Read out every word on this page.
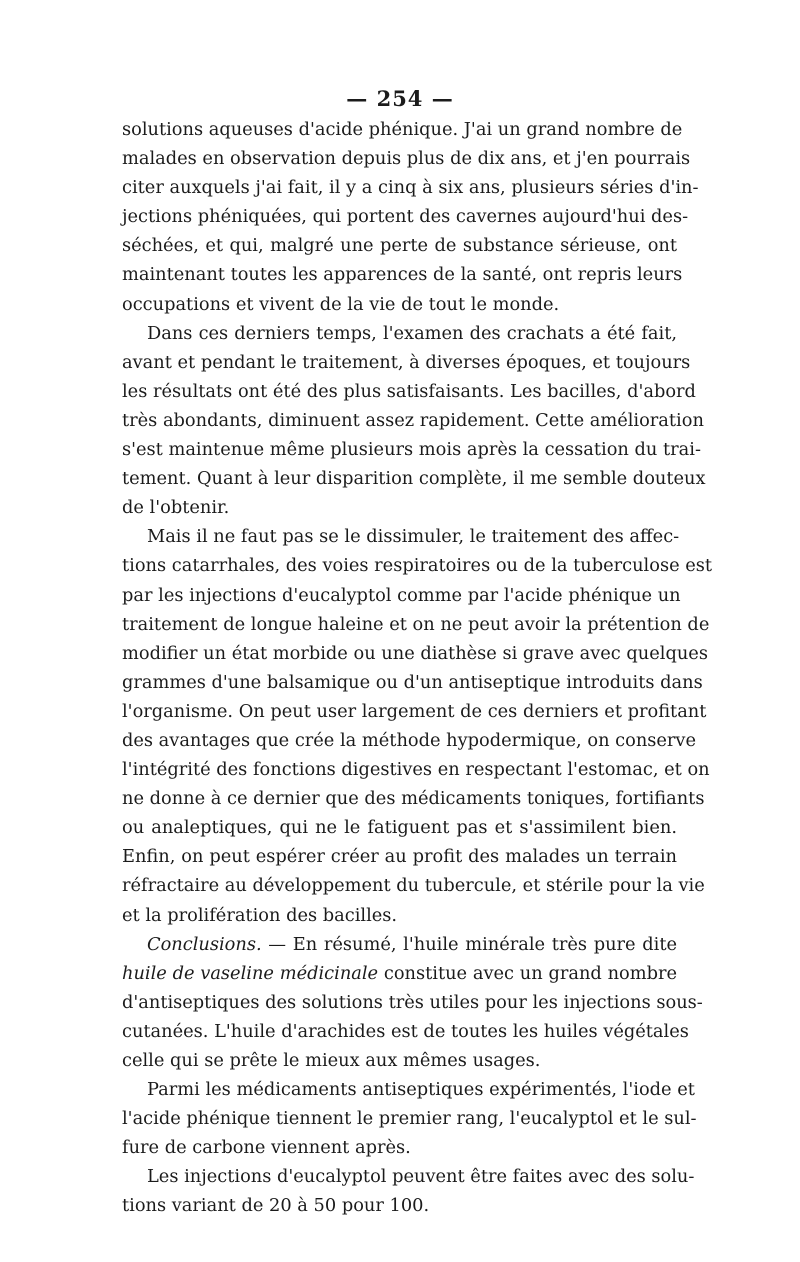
— 254 —
solutions aqueuses d'acide phénique. J'ai un grand nombre de
malades en observation depuis plus de dix ans, et j'en pourrais
citer auxquels j'ai fait, il y a cinq à six ans, plusieurs séries d'in-
jections phéniquées, qui portent des cavernes aujourd'hui des-
séchées, et qui, malgré une perte de substance sérieuse, ont
maintenant toutes les apparences de la santé, ont repris leurs
occupations et vivent de la vie de tout le monde.
Dans ces derniers temps, l'examen des crachats a été fait,
avant et pendant le traitement, à diverses époques, et toujours
les résultats ont été des plus satisfaisants. Les bacilles, d'abord
très abondants, diminuent assez rapidement. Cette amélioration
s'est maintenue même plusieurs mois après la cessation du trai-
tement. Quant à leur disparition complète, il me semble douteux
de l'obtenir.
Mais il ne faut pas se le dissimuler, le traitement des affec-
tions catarrhales, des voies respiratoires ou de la tuberculose est
par les injections d'eucalyptol comme par l'acide phénique un
traitement de longue haleine et on ne peut avoir la prétention de
modifier un état morbide ou une diathèse si grave avec quelques
grammes d'une balsamique ou d'un antiseptique introduits dans
l'organisme. On peut user largement de ces derniers et profitant
des avantages que crée la méthode hypodermique, on conserve
l'intégrité des fonctions digestives en respectant l'estomac, et on
ne donne à ce dernier que des médicaments toniques, fortifiants
ou analeptiques, qui ne le fatiguent pas et s'assimilent bien.
Enfin, on peut espérer créer au profit des malades un terrain
réfractaire au développement du tubercule, et stérile pour la vie
et la prolifération des bacilles.
Conclusions. — En résumé, l'huile minérale très pure dite
huile de vaseline médicinale constitue avec un grand nombre
d'antiseptiques des solutions très utiles pour les injections sous-
cutanées. L'huile d'arachides est de toutes les huiles végétales
celle qui se prête le mieux aux mêmes usages.
Parmi les médicaments antiseptiques expérimentés, l'iode et
l'acide phénique tiennent le premier rang, l'eucalyptol et le sul-
fure de carbone viennent après.
Les injections d'eucalyptol peuvent être faites avec des solu-
tions variant de 20 à 50 pour 100.
